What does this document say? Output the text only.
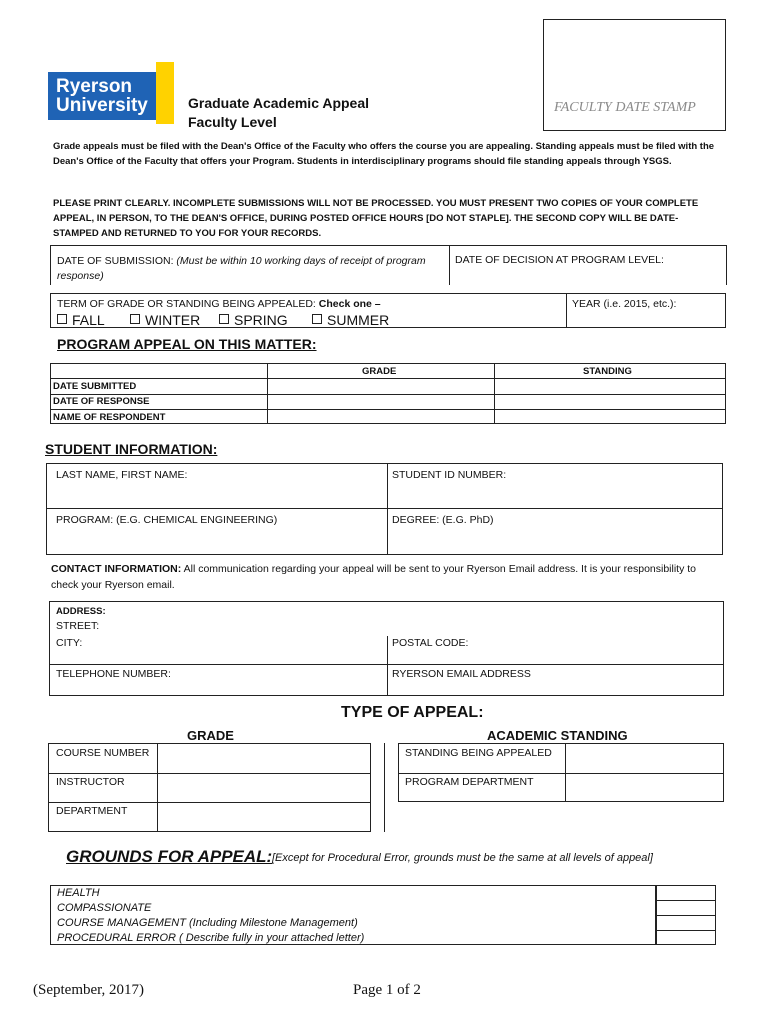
Ryerson
University	Graduate Academic Appeal
Faculty Level
FACULTY DATE STAMP
Grade appeals must be filed with the Dean's Office of the Faculty who offers the course you are appealing. Standing appeals must be filed with the Dean's Office of the Faculty that offers your Program. Students in interdisciplinary programs should file standing appeals through YSGS.
PLEASE PRINT CLEARLY. INCOMPLETE SUBMISSIONS WILL NOT BE PROCESSED. YOU MUST PRESENT TWO COPIES OF YOUR COMPLETE APPEAL, IN PERSON, TO THE DEAN'S OFFICE, DURING POSTED OFFICE HOURS [DO NOT STAPLE]. THE SECOND COPY WILL BE DATE-STAMPED AND RETURNED TO YOU FOR YOUR RECORDS.
DATE OF SUBMISSION: (Must be within 10 working days of receipt of program response)
DATE OF DECISION AT PROGRAM LEVEL:
TERM OF GRADE OR STANDING BEING APPEALED: Check one –	YEAR (i.e. 2015, etc.):
FALL	WINTER	SPRING	SUMMER
PROGRAM APPEAL ON THIS MATTER:
GRADE	STANDING
DATE SUBMITTED
DATE OF RESPONSE
NAME OF RESPONDENT
STUDENT INFORMATION:
LAST NAME, FIRST NAME:	STUDENT ID NUMBER:
PROGRAM: (E.G. CHEMICAL ENGINEERING)	DEGREE: (E.G. PhD)
CONTACT INFORMATION: All communication regarding your appeal will be sent to your Ryerson Email address. It is your responsibility to check your Ryerson email.
ADDRESS:
STREET:
CITY:	POSTAL CODE:
TELEPHONE NUMBER:	RYERSON EMAIL ADDRESS
TYPE OF APPEAL:
GRADE	ACADEMIC STANDING
COURSE NUMBER
INSTRUCTOR
DEPARTMENT
STANDING BEING APPEALED
PROGRAM DEPARTMENT
GROUNDS FOR APPEAL: [Except for Procedural Error, grounds must be the same at all levels of appeal]
HEALTH
COMPASSIONATE
COURSE MANAGEMENT (Including Milestone Management)
PROCEDURAL ERROR ( Describe fully in your attached letter)
(September, 2017)	Page 1 of 2
